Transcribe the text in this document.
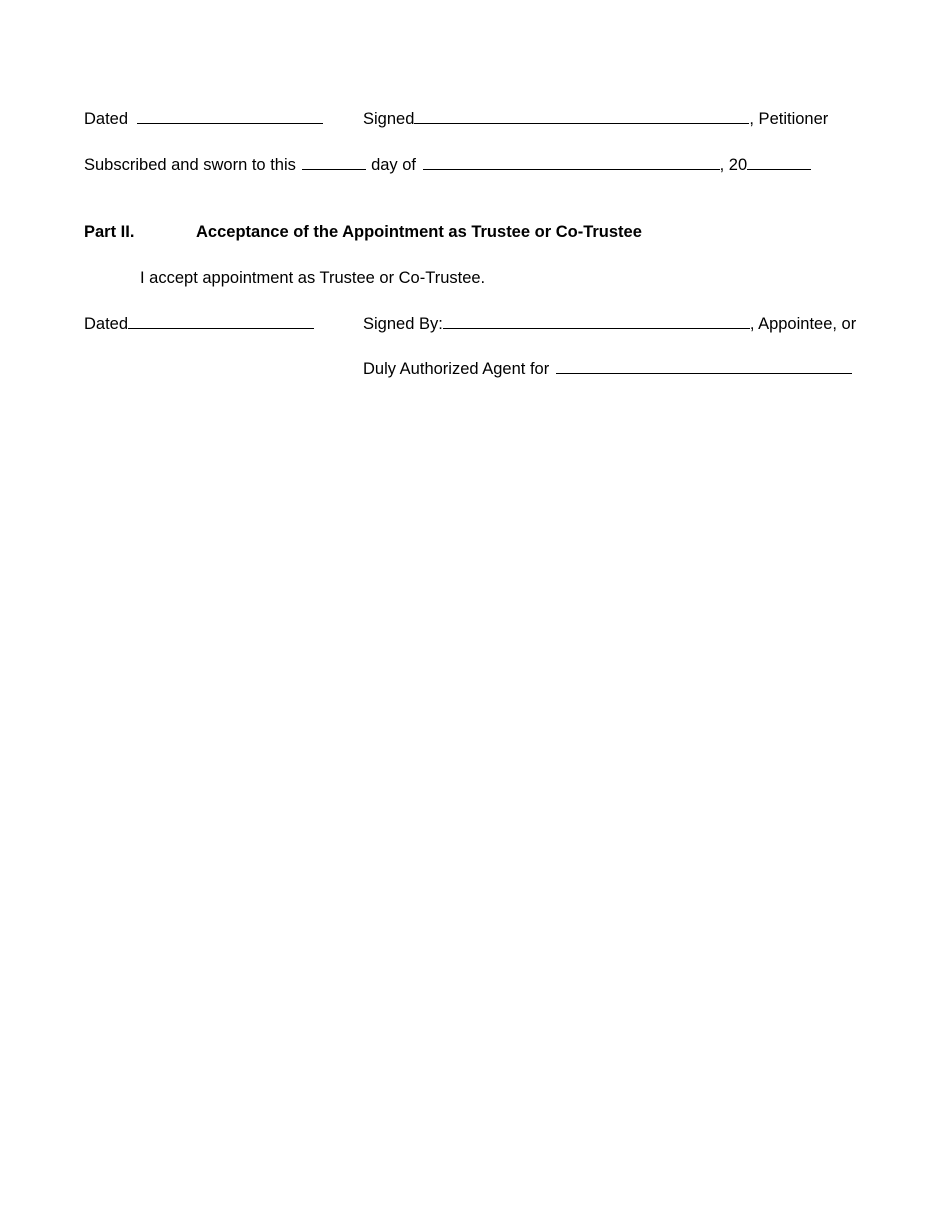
Dated	Signed	, Petitioner
Subscribed and sworn to this	day of	, 20
Part II.	Acceptance of the Appointment as Trustee or Co-Trustee
I accept appointment as Trustee or Co-Trustee.
Dated	Signed By:	, Appointee, or
Duly Authorized Agent for
